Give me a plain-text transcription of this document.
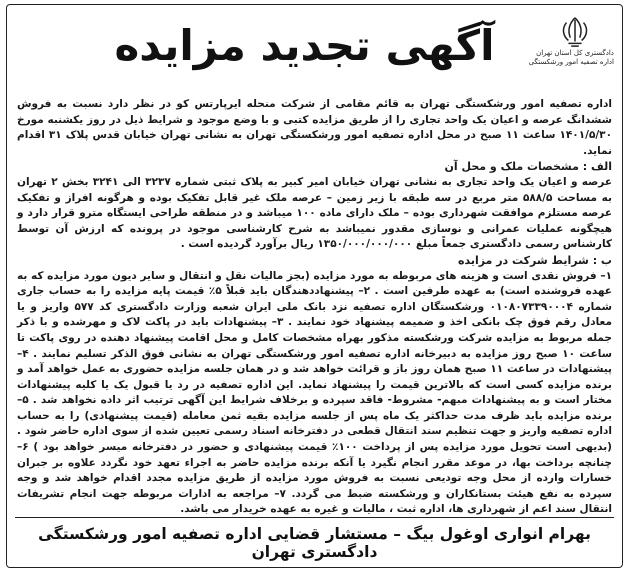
آگهی تجدید مزایده	دادگستری کل استان تهران
اداره تصفیه امور ورشکستگی

اداره تصفیه امور ورشکستگی تهران به قائم مقامی از شرکت منحله ایرپارتس کو در نظر دارد نسبت به فروش ششدانگ عرصه و اعیان یک واحد تجاری را از طریق مزایده کتبی و با وضع موجود و شرایط ذیل در روز یکشنبه مورخ ۱۴۰۱/۵/۳۰ ساعت ۱۱ صبح در محل اداره تصفیه امور ورشکستگی تهران به نشانی تهران خیابان قدس پلاک ۳۱ اقدام نماید.

الف : مشخصات ملک و محل آن

عرصه و اعیان یک واحد تجاری به نشانی تهران خیابان امیر کبیر به پلاک ثبتی شماره ۳۲۳۷ الی ۳۲۴۱ بخش ۲ تهران به مساحت ۵۸۸/۵ متر مربع در سه طبقه با زیر زمین – عرصه ملک غیر قابل تفکیک بوده و هرگونه افراز و تفکیک عرصه مستلزم موافقت شهرداری بوده – ملک دارای ماده ۱۰۰ میباشد و در منطقه طراحی ایستگاه مترو قرار دارد و هیچگونه عملیات عمرانی و نوسازی مقدور نمیباشد به شرح کارشناسی موجود در پرونده که ارزش آن توسط کارشناس رسمی دادگستری جمعاً مبلغ ۱۳۵۰/۰۰۰/۰۰۰/۰۰۰ ریال برآورد گردیده است .

ب : شرایط شرکت در مزایده

۱– فروش نقدی است و هزینه های مربوطه به مورد مزایده (بجز مالیات نقل و انتقال و سایر دیون مورد مزایده که به عهده فروشنده است) به عهده طرفین است . ۲– پیشنهاددهندگان باید قبلاً ۵٪ قیمت پایه مزایده را به حساب جاری شماره ۰۱۰۸۰۷۳۳۹۰۰۰۴ ورشکستگان اداره تصفیه نزد بانک ملی ایران شعبه وزارت دادگستری کد ۵۷۷ واریز و یا معادل رقم فوق چک بانکی اخذ و ضمیمه پیشنهاد خود نمایند . ۳– پیشنهادات باید در پاکت لاک و مهرشده و با ذکر جمله مربوط به مزایده شرکت ورشکسته مذکور بهراه مشخصات کامل و محل اقامت پیشنهاد دهنده در روی پاکت تا ساعت ۱۰ صبح روز مزایده به دبیرخانه اداره تصفیه امور ورشکستگی تهران به نشانی فوق الذکر تسلیم نمایند . ۴– پیشنهادات در ساعت ۱۱ صبح همان روز باز و قرائت خواهد شد و در همان جلسه مزایده حضوری به عمل خواهد آمد و برنده مزایده کسی است که بالاترین قیمت را پیشنهاد نماید. این اداره تصفیه در رد یا قبول یک یا کلیه پیشنهادات مختار است و به پیشنهادات مبهم- مشروط- فاقد سپرده و برخلاف شرایط این آگهی ترتیب اثر داده نخواهد شد . ۵– برنده مزایده باید ظرف مدت حداکثر یک ماه پس از جلسه مزایده بقیه ثمن معامله (قیمت پیشنهادی) را به حساب اداره تصفیه واریز و جهت تنظیم سند انتقال قطعی در دفترخانه اسناد رسمی تعیین شده از سوی اداره حاضر شود . (بدیهی است تحویل مورد مزایده پس از پرداخت ۱۰۰٪ قیمت پیشنهادی و حضور در دفترخانه میسر خواهد بود ) ۶– چنانچه برداخت بها، در موعد مقرر انجام نگیرد یا آنکه برنده مزایده حاضر به اجراء تعهد خود نگردد علاوه بر جبران خسارات وارده از محل وجه تودیعی نسبت به فروش مورد مزایده از طریق مزایده مجدد اقدام خواهد شد و وجه سپرده به نفع هیئت بستانکاران و ورشکسته ضبط می گردد. ۷– مراجعه به ادارات مربوطه جهت انجام تشریفات انتقال سند اعم از شهرداری ها، اداره ثبت ، مالیات و غیره به عهده خریدار می باشد.

بهرام انواری اوغول بیگ – مستشار قضایی اداره تصفیه امور ورشکستگی دادگستری تهران
